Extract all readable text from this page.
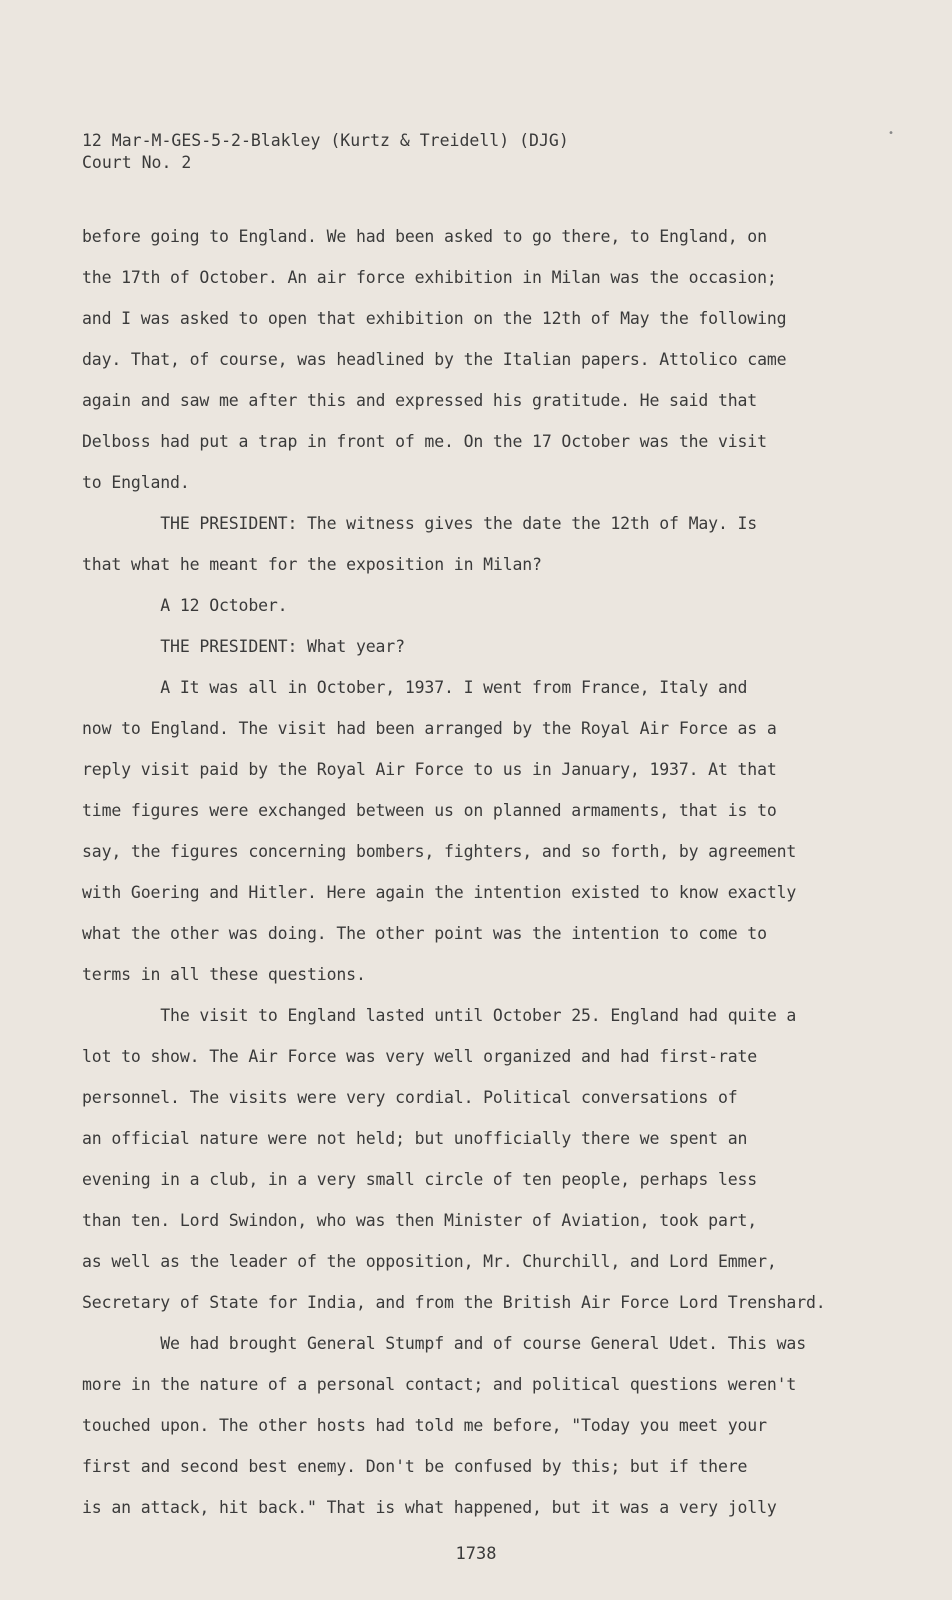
•
12 Mar-M-GES-5-2-Blakley (Kurtz & Treidell) (DJG)
Court No. 2
before going to England. We had been asked to go there, to England, on
the 17th of October. An air force exhibition in Milan was the occasion;
and I was asked to open that exhibition on the 12th of May the following
day. That, of course, was headlined by the Italian papers. Attolico came
again and saw me after this and expressed his gratitude. He said that
Delboss had put a trap in front of me. On the 17 October was the visit
to England.
THE PRESIDENT: The witness gives the date the 12th of May. Is
that what he meant for the exposition in Milan?
A 12 October.
THE PRESIDENT: What year?
A It was all in October, 1937. I went from France, Italy and
now to England. The visit had been arranged by the Royal Air Force as a
reply visit paid by the Royal Air Force to us in January, 1937. At that
time figures were exchanged between us on planned armaments, that is to
say, the figures concerning bombers, fighters, and so forth, by agreement
with Goering and Hitler. Here again the intention existed to know exactly
what the other was doing. The other point was the intention to come to
terms in all these questions.
The visit to England lasted until October 25. England had quite a
lot to show. The Air Force was very well organized and had first-rate
personnel. The visits were very cordial. Political conversations of
an official nature were not held; but unofficially there we spent an
evening in a club, in a very small circle of ten people, perhaps less
than ten. Lord Swindon, who was then Minister of Aviation, took part,
as well as the leader of the opposition, Mr. Churchill, and Lord Emmer,
Secretary of State for India, and from the British Air Force Lord Trenshard.
We had brought General Stumpf and of course General Udet. This was
more in the nature of a personal contact; and political questions weren't
touched upon. The other hosts had told me before, "Today you meet your
first and second best enemy. Don't be confused by this; but if there
is an attack, hit back." That is what happened, but it was a very jolly
1738
